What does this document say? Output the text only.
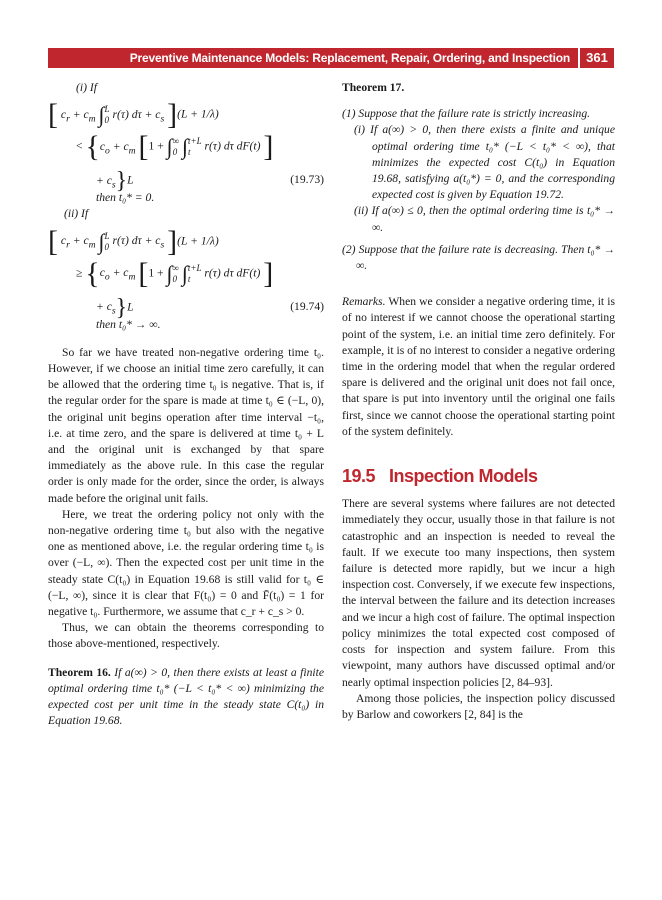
Preventive Maintenance Models: Replacement, Repair, Ordering, and Inspection	361
(i) If
[ $c_r + c_m$ ∫L
0 r(τ) $d\tau + c_s$ ](L + 1/λ)
< {$c_o + c_m$ [1 + ∫∞
0 ∫t+L
t r(τ) dτ dF(t) ]
+ $c_s\}L$	(19.73)
then t₀* = 0.
(ii) If
[ $c_r + c_m$ ∫L
0 r(τ) $d\tau + c_s$ ](L + 1/λ)
≥ {$c_o + c_m$ [1 + ∫∞
0 ∫t+L
t r(τ) dτ dF(t) ]
+ $c_s\}L$	(19.74)
then t₀* → ∞.

So far we have treated non-negative ordering time t₀. However, if we choose an initial time zero carefully, it can be allowed that the ordering time t₀ is negative. That is, if the regular order for the spare is made at time t₀ ∈ (−L, 0), the original unit begins operation after time interval −t₀, i.e. at time zero, and the spare is delivered at time t₀ + L and the original unit is exchanged by that spare immediately as the above rule. In this case the regular order is only made for the order, since the order, is always made before the original unit fails.

Here, we treat the ordering policy not only with the non-negative ordering time t₀ but also with the negative one as mentioned above, i.e. the regular ordering time t₀ is over (−L, ∞). Then the expected cost per unit time in the steady state C(t₀) in Equation 19.68 is still valid for t₀ ∈ (−L, ∞), since it is clear that F(t₀) = 0 and F̄(t₀) = 1 for negative t₀. Furthermore, we assume that c_r + c_s > 0.

Thus, we can obtain the theorems corresponding to those above-mentioned, respectively.

Theorem 16. If a(∞) > 0, then there exists at least a finite optimal ordering time t₀* (−L < t₀* < ∞) minimizing the expected cost per unit time in the steady state C(t₀) in Equation 19.68.

Theorem 17.

(1) Suppose that the failure rate is strictly increasing.

(i) If a(∞) > 0, then there exists a finite and unique optimal ordering time t₀* (−L < t₀* < ∞), that minimizes the expected cost C(t₀) in Equation 19.68, satisfying a(t₀*) = 0, and the corresponding expected cost is given by Equation 19.72.

(ii) If a(∞) ≤ 0, then the optimal ordering time is t₀* → ∞.

(2) Suppose that the failure rate is decreasing. Then t₀* → ∞.

Remarks. When we consider a negative ordering time, it is of no interest if we cannot choose the operational starting point of the system, i.e. an initial time zero definitely. For example, it is of no interest to consider a negative ordering time in the ordering model that when the regular ordered spare is delivered and the original unit does not fail once, that spare is put into inventory until the original one fails first, since we cannot choose the operational starting point of the system definitely.

19.5 Inspection Models

There are several systems where failures are not detected immediately they occur, usually those in that failure is not catastrophic and an inspection is needed to reveal the fault. If we execute too many inspections, then system failure is detected more rapidly, but we incur a high inspection cost. Conversely, if we execute few inspections, the interval between the failure and its detection increases and we incur a high cost of failure. The optimal inspection policy minimizes the total expected cost composed of costs for inspection and system failure. From this viewpoint, many authors have discussed optimal and/or nearly optimal inspection policies [2, 84–93].

Among those policies, the inspection policy discussed by Barlow and coworkers [2, 84] is the
